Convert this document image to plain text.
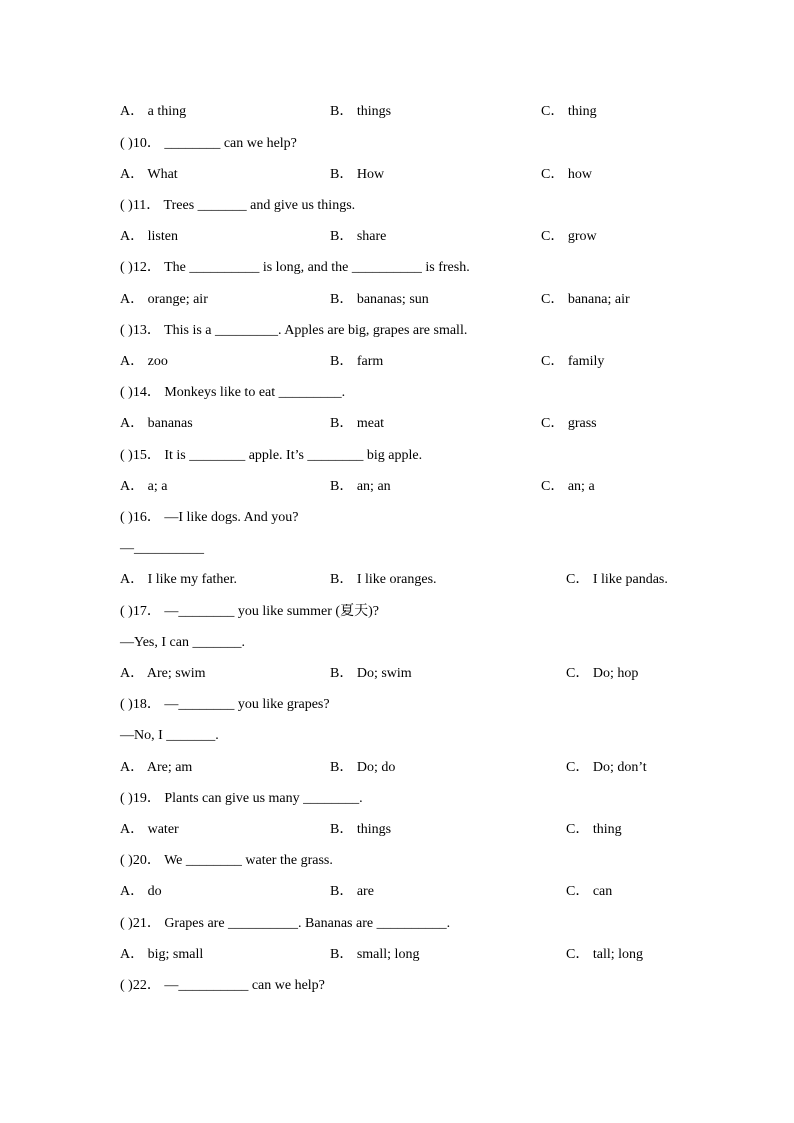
A． a thing	B． things	C． thing
( )10． ________ can we help?
A． What	B． How	C． how
( )11． Trees _______ and give us things.
A． listen	B． share	C． grow
( )12． The __________ is long, and the __________ is fresh.
A． orange; air	B． bananas; sun	C． banana; air
( )13． This is a _________. Apples are big, grapes are small.
A． zoo	B． farm	C． family
( )14． Monkeys like to eat _________.
A． bananas	B． meat	C． grass
( )15． It is ________ apple. It’s ________ big apple.
A． a; a	B． an; an	C． an; a
( )16． —I like dogs. And you?
—__________
A． I like my father.	B． I like oranges.	C． I like pandas.
( )17． —________ you like summer (夏天)?
—Yes, I can _______.
A． Are; swim	B． Do; swim	C． Do; hop
( )18． —________ you like grapes?
—No, I _______.
A． Are; am	B． Do; do	C． Do; don’t
( )19． Plants can give us many ________.
A． water	B． things	C． thing
( )20． We ________ water the grass.
A． do	B． are	C． can
( )21． Grapes are __________. Bananas are __________.
A． big; small	B． small; long	C． tall; long
( )22． —__________ can we help?
